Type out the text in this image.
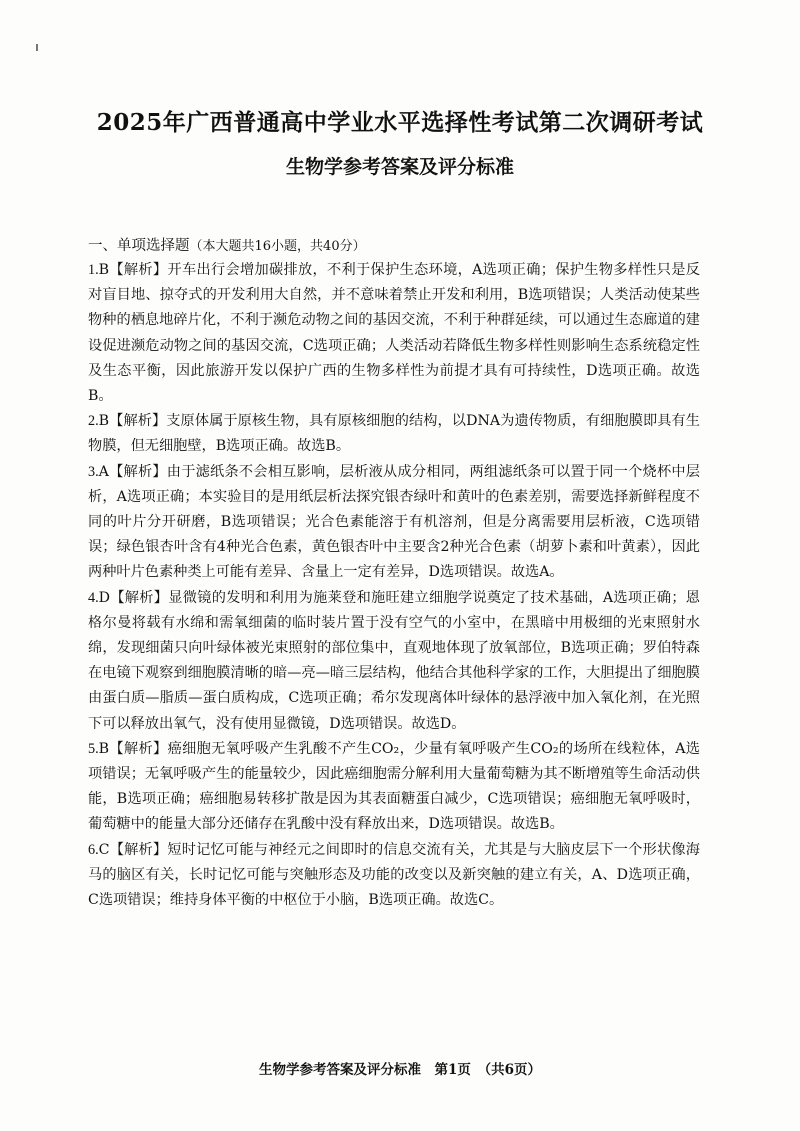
2025年广西普通高中学业水平选择性考试第二次调研考试
生物学参考答案及评分标准
一、单项选择题（本大题共16小题，共40分）

1.B【解析】开车出行会增加碳排放，不利于保护生态环境，A选项正确；保护生物多样性只是反对盲目地、掠夺式的开发利用大自然，并不意味着禁止开发和利用，B选项错误；人类活动使某些物种的栖息地碎片化，不利于濒危动物之间的基因交流，不利于种群延续，可以通过生态廊道的建设促进濒危动物之间的基因交流，C选项正确；人类活动若降低生物多样性则影响生态系统稳定性及生态平衡，因此旅游开发以保护广西的生物多样性为前提才具有可持续性，D选项正确。故选B。

2.B【解析】支原体属于原核生物，具有原核细胞的结构，以DNA为遗传物质，有细胞膜即具有生物膜，但无细胞壁，B选项正确。故选B。

3.A【解析】由于滤纸条不会相互影响，层析液从成分相同，两组滤纸条可以置于同一个烧杯中层析，A选项正确；本实验目的是用纸层析法探究银杏绿叶和黄叶的色素差别，需要选择新鲜程度不同的叶片分开研磨，B选项错误；光合色素能溶于有机溶剂，但是分离需要用层析液，C选项错误；绿色银杏叶含有4种光合色素，黄色银杏叶中主要含2种光合色素（胡萝卜素和叶黄素），因此两种叶片色素种类上可能有差异、含量上一定有差异，D选项错误。故选A。

4.D【解析】显微镜的发明和利用为施莱登和施旺建立细胞学说奠定了技术基础，A选项正确；恩格尔曼将载有水绵和需氧细菌的临时装片置于没有空气的小室中，在黑暗中用极细的光束照射水绵，发现细菌只向叶绿体被光束照射的部位集中，直观地体现了放氧部位，B选项正确；罗伯特森在电镜下观察到细胞膜清晰的暗—亮—暗三层结构，他结合其他科学家的工作，大胆提出了细胞膜由蛋白质—脂质—蛋白质构成，C选项正确；希尔发现离体叶绿体的悬浮液中加入氧化剂，在光照下可以释放出氧气，没有使用显微镜，D选项错误。故选D。

5.B【解析】癌细胞无氧呼吸产生乳酸不产生CO₂，少量有氧呼吸产生CO₂的场所在线粒体，A选项错误；无氧呼吸产生的能量较少，因此癌细胞需分解利用大量葡萄糖为其不断增殖等生命活动供能，B选项正确；癌细胞易转移扩散是因为其表面糖蛋白减少，C选项错误；癌细胞无氧呼吸时，葡萄糖中的能量大部分还储存在乳酸中没有释放出来，D选项错误。故选B。

6.C【解析】短时记忆可能与神经元之间即时的信息交流有关，尤其是与大脑皮层下一个形状像海马的脑区有关，长时记忆可能与突触形态及功能的改变以及新突触的建立有关，A、D选项正确，C选项错误；维持身体平衡的中枢位于小脑，B选项正确。故选C。

生物学参考答案及评分标准　第1页　（共6页）
